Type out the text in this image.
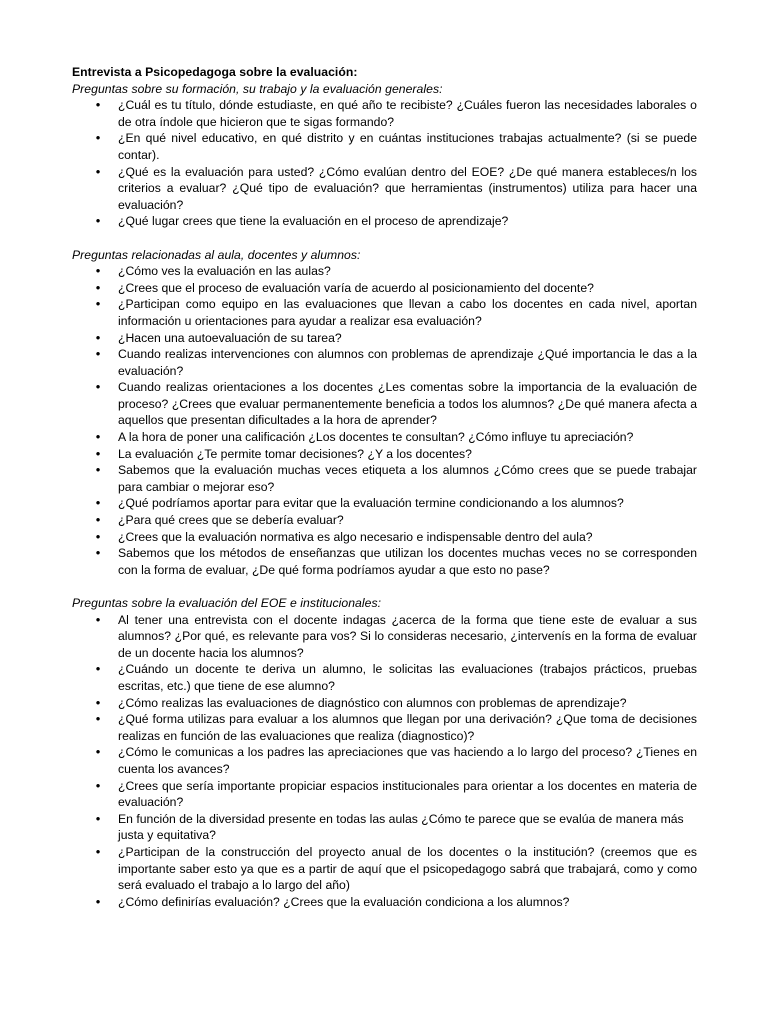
Entrevista a Psicopedagoga sobre la evaluación:

Preguntas sobre su formación, su trabajo y la evaluación generales:

• ¿Cuál es tu título, dónde estudiaste, en qué año te recibiste? ¿Cuáles fueron las necesidades laborales o de otra índole que hicieron que te sigas formando?
• ¿En qué nivel educativo, en qué distrito y en cuántas instituciones trabajas actualmente? (si se puede contar).
• ¿Qué es la evaluación para usted? ¿Cómo evalúan dentro del EOE? ¿De qué manera estableces/n los criterios a evaluar? ¿Qué tipo de evaluación? que herramientas (instrumentos) utiliza para hacer una evaluación?
• ¿Qué lugar crees que tiene la evaluación en el proceso de aprendizaje?

Preguntas relacionadas al aula, docentes y alumnos:

• ¿Cómo ves la evaluación en las aulas?
• ¿Crees que el proceso de evaluación varía de acuerdo al posicionamiento del docente?
• ¿Participan como equipo en las evaluaciones que llevan a cabo los docentes en cada nivel, aportan información u orientaciones para ayudar a realizar esa evaluación?
• ¿Hacen una autoevaluación de su tarea?
• Cuando realizas intervenciones con alumnos con problemas de aprendizaje ¿Qué importancia le das a la evaluación?
• Cuando realizas orientaciones a los docentes ¿Les comentas sobre la importancia de la evaluación de proceso? ¿Crees que evaluar permanentemente beneficia a todos los alumnos? ¿De qué manera afecta a aquellos que presentan dificultades a la hora de aprender?
• A la hora de poner una calificación ¿Los docentes te consultan? ¿Cómo influye tu apreciación?
• La evaluación ¿Te permite tomar decisiones? ¿Y a los docentes?
• Sabemos que la evaluación muchas veces etiqueta a los alumnos ¿Cómo crees que se puede trabajar para cambiar o mejorar eso?
• ¿Qué podríamos aportar para evitar que la evaluación termine condicionando a los alumnos?
• ¿Para qué crees que se debería evaluar?
• ¿Crees que la evaluación normativa es algo necesario e indispensable dentro del aula?
• Sabemos que los métodos de enseñanzas que utilizan los docentes muchas veces no se corresponden con la forma de evaluar, ¿De qué forma podríamos ayudar a que esto no pase?

Preguntas sobre la evaluación del EOE e institucionales:

• Al tener una entrevista con el docente indagas ¿acerca de la forma que tiene este de evaluar a sus alumnos? ¿Por qué, es relevante para vos? Si lo consideras necesario, ¿intervenís en la forma de evaluar de un docente hacia los alumnos?
• ¿Cuándo un docente te deriva un alumno, le solicitas las evaluaciones (trabajos prácticos, pruebas escritas, etc.) que tiene de ese alumno?
• ¿Cómo realizas las evaluaciones de diagnóstico con alumnos con problemas de aprendizaje?
• ¿Qué forma utilizas para evaluar a los alumnos que llegan por una derivación? ¿Que toma de decisiones realizas en función de las evaluaciones que realiza (diagnostico)?
• ¿Cómo le comunicas a los padres las apreciaciones que vas haciendo a lo largo del proceso? ¿Tienes en cuenta los avances?
• ¿Crees que sería importante propiciar espacios institucionales para orientar a los docentes en materia de evaluación?
• En función de la diversidad presente en todas las aulas ¿Cómo te parece que se evalúa de manera más justa y equitativa?
• ¿Participan de la construcción del proyecto anual de los docentes o la institución? (creemos que es importante saber esto ya que es a partir de aquí que el psicopedagogo sabrá que trabajará, como y como será evaluado el trabajo a lo largo del año)
• ¿Cómo definirías evaluación? ¿Crees que la evaluación condiciona a los alumnos?
